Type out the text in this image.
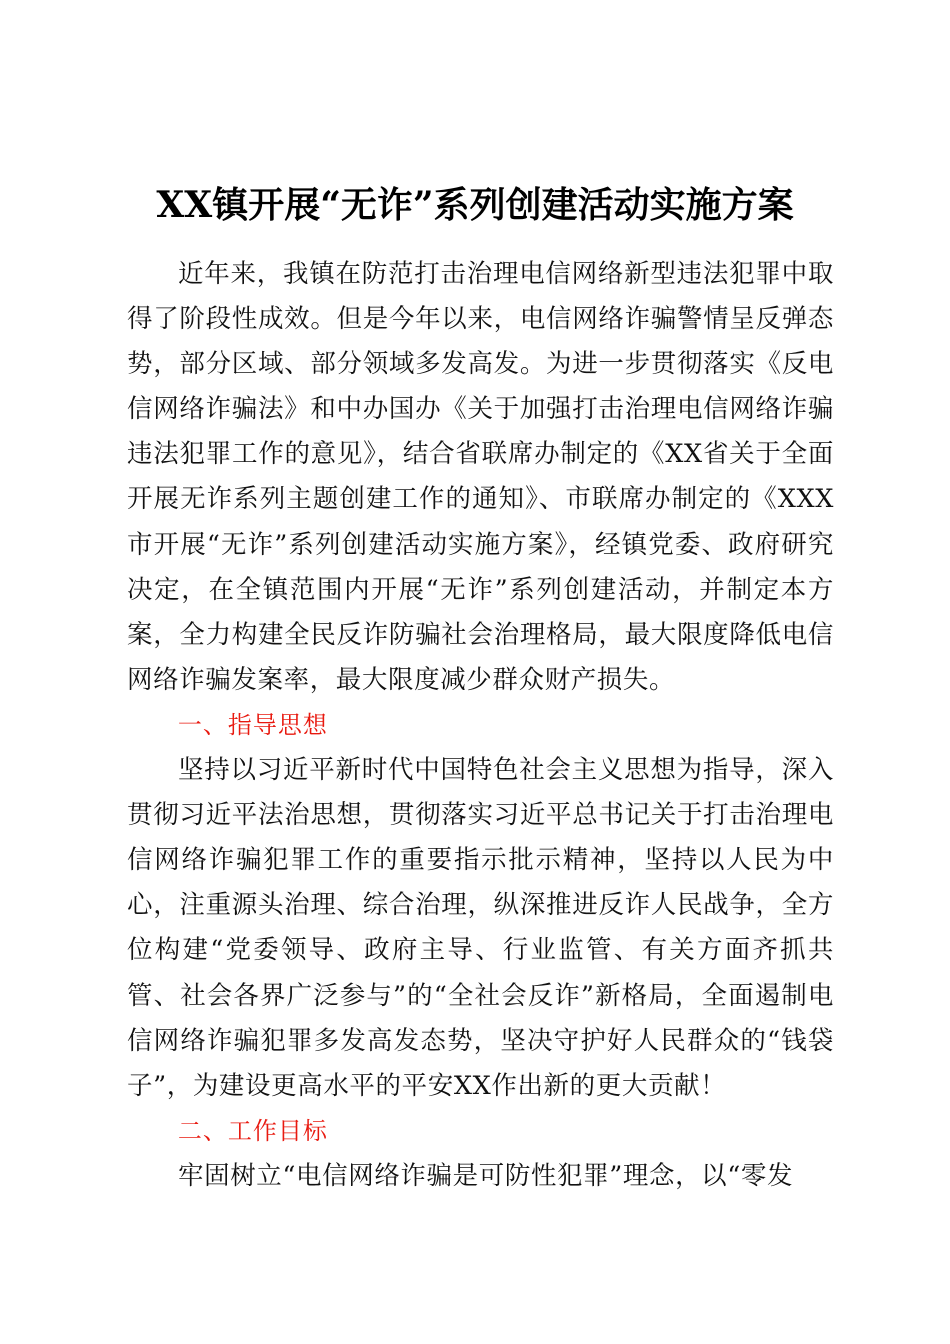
XX镇开展“无诈”系列创建活动实施方案

近年来，我镇在防范打击治理电信网络新型违法犯罪中取得了阶段性成效。但是今年以来，电信网络诈骗警情呈反弹态势，部分区域、部分领域多发高发。为进一步贯彻落实《反电信网络诈骗法》和中办国办《关于加强打击治理电信网络诈骗违法犯罪工作的意见》，结合省联席办制定的《XX省关于全面开展无诈系列主题创建工作的通知》、市联席办制定的《XXX市开展“无诈”系列创建活动实施方案》，经镇党委、政府研究决定，在全镇范围内开展“无诈”系列创建活动，并制定本方案，全力构建全民反诈防骗社会治理格局，最大限度降低电信网络诈骗发案率，最大限度减少群众财产损失。

一、指导思想

坚持以习近平新时代中国特色社会主义思想为指导，深入贯彻习近平法治思想，贯彻落实习近平总书记关于打击治理电信网络诈骗犯罪工作的重要指示批示精神，坚持以人民为中心，注重源头治理、综合治理，纵深推进反诈人民战争，全方位构建“党委领导、政府主导、行业监管、有关方面齐抓共管、社会各界广泛参与”的“全社会反诈”新格局，全面遏制电信网络诈骗犯罪多发高发态势，坚决守护好人民群众的“钱袋子”，为建设更高水平的平安XX作出新的更大贡献！

二、工作目标

牢固树立“电信网络诈骗是可防性犯罪”理念，以“零发
